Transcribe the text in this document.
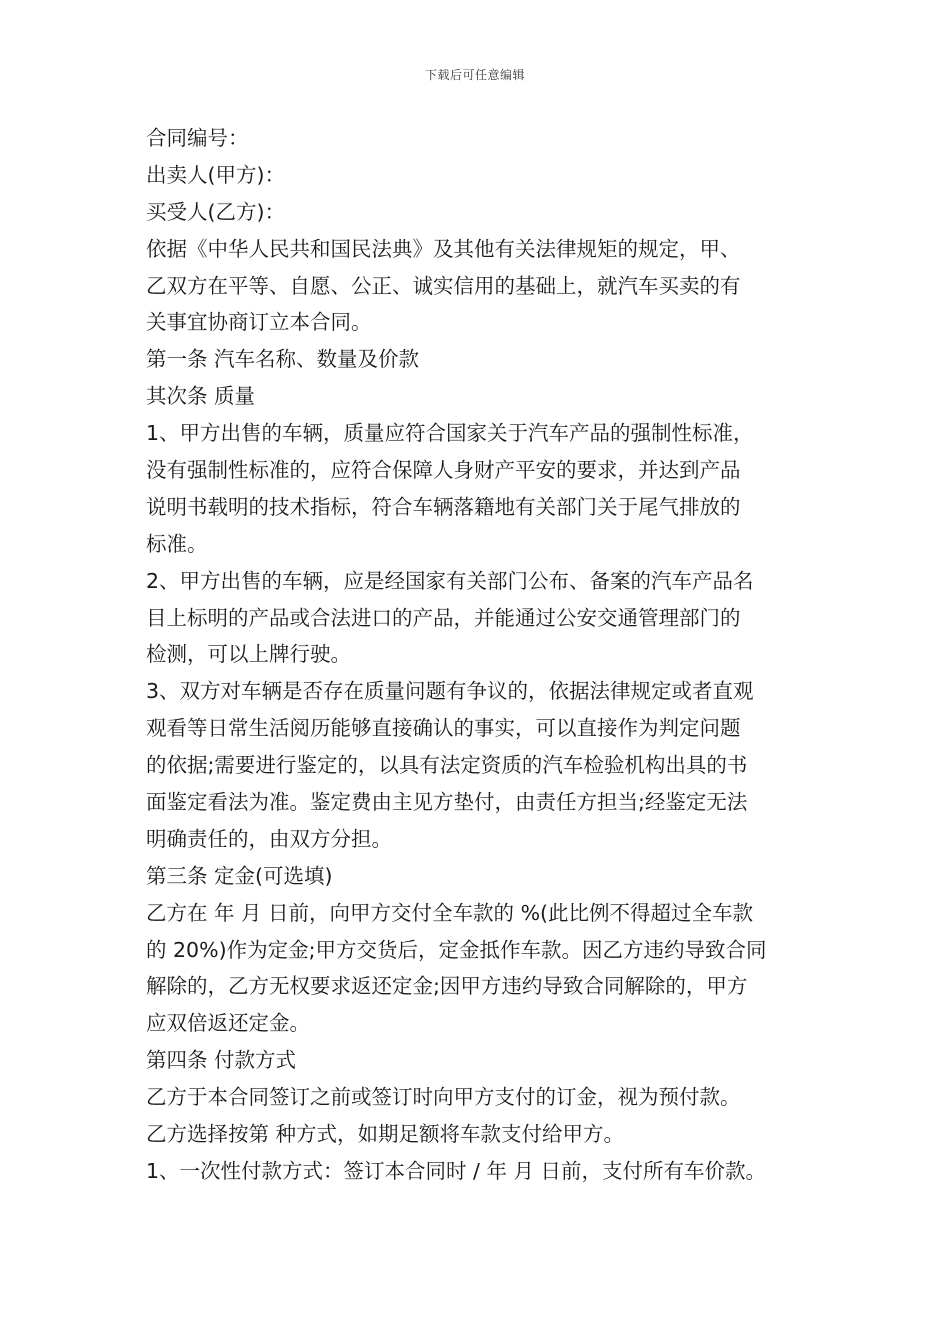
下载后可任意编辑
合同编号：
出卖人(甲方)：
买受人(乙方)：
依据《中华人民共和国民法典》及其他有关法律规矩的规定，甲、
乙双方在平等、自愿、公正、诚实信用的基础上，就汽车买卖的有
关事宜协商订立本合同。
第一条 汽车名称、数量及价款
其次条 质量
1、甲方出售的车辆，质量应符合国家关于汽车产品的强制性标准，
没有强制性标准的，应符合保障人身财产平安的要求，并达到产品
说明书载明的技术指标，符合车辆落籍地有关部门关于尾气排放的
标准。
2、甲方出售的车辆，应是经国家有关部门公布、备案的汽车产品名
目上标明的产品或合法进口的产品，并能通过公安交通管理部门的
检测，可以上牌行驶。
3、双方对车辆是否存在质量问题有争议的，依据法律规定或者直观
观看等日常生活阅历能够直接确认的事实，可以直接作为判定问题
的依据;需要进行鉴定的，以具有法定资质的汽车检验机构出具的书
面鉴定看法为准。鉴定费由主见方垫付，由责任方担当;经鉴定无法
明确责任的，由双方分担。
第三条 定金(可选填)
乙方在 年 月 日前，向甲方交付全车款的 %(此比例不得超过全车款
的 20%)作为定金;甲方交货后，定金抵作车款。因乙方违约导致合同
解除的，乙方无权要求返还定金;因甲方违约导致合同解除的，甲方
应双倍返还定金。
第四条 付款方式
乙方于本合同签订之前或签订时向甲方支付的订金，视为预付款。
乙方选择按第 种方式，如期足额将车款支付给甲方。
1、一次性付款方式：签订本合同时 / 年 月 日前，支付所有车价款。
